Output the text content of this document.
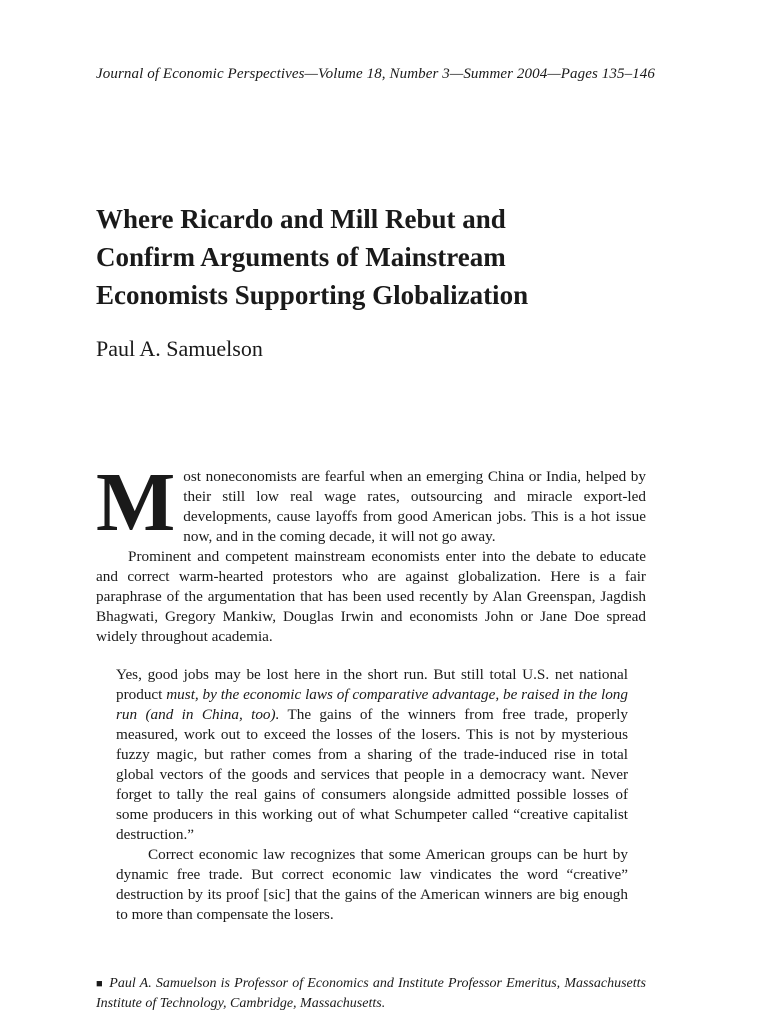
Journal of Economic Perspectives—Volume 18, Number 3—Summer 2004—Pages 135–146
Where Ricardo and Mill Rebut and
Confirm Arguments of Mainstream
Economists Supporting Globalization
Paul A. Samuelson

Most noneconomists are fearful when an emerging China or India, helped by their still low real wage rates, outsourcing and miracle export-led developments, cause layoffs from good American jobs. This is a hot issue now, and in the coming decade, it will not go away.

Prominent and competent mainstream economists enter into the debate to educate and correct warm-hearted protestors who are against globalization. Here is a fair paraphrase of the argumentation that has been used recently by Alan Greenspan, Jagdish Bhagwati, Gregory Mankiw, Douglas Irwin and economists John or Jane Doe spread widely throughout academia.

Yes, good jobs may be lost here in the short run. But still total U.S. net national product must, by the economic laws of comparative advantage, be raised in the long run (and in China, too). The gains of the winners from free trade, properly measured, work out to exceed the losses of the losers. This is not by mysterious fuzzy magic, but rather comes from a sharing of the trade-induced rise in total global vectors of the goods and services that people in a democracy want. Never forget to tally the real gains of consumers alongside admitted possible losses of some producers in this working out of what Schumpeter called “creative capitalist destruction.”

Correct economic law recognizes that some American groups can be hurt by dynamic free trade. But correct economic law vindicates the word “creative” destruction by its proof [sic] that the gains of the American winners are big enough to more than compensate the losers.

■ Paul A. Samuelson is Professor of Economics and Institute Professor Emeritus, Massachusetts Institute of Technology, Cambridge, Massachusetts.
